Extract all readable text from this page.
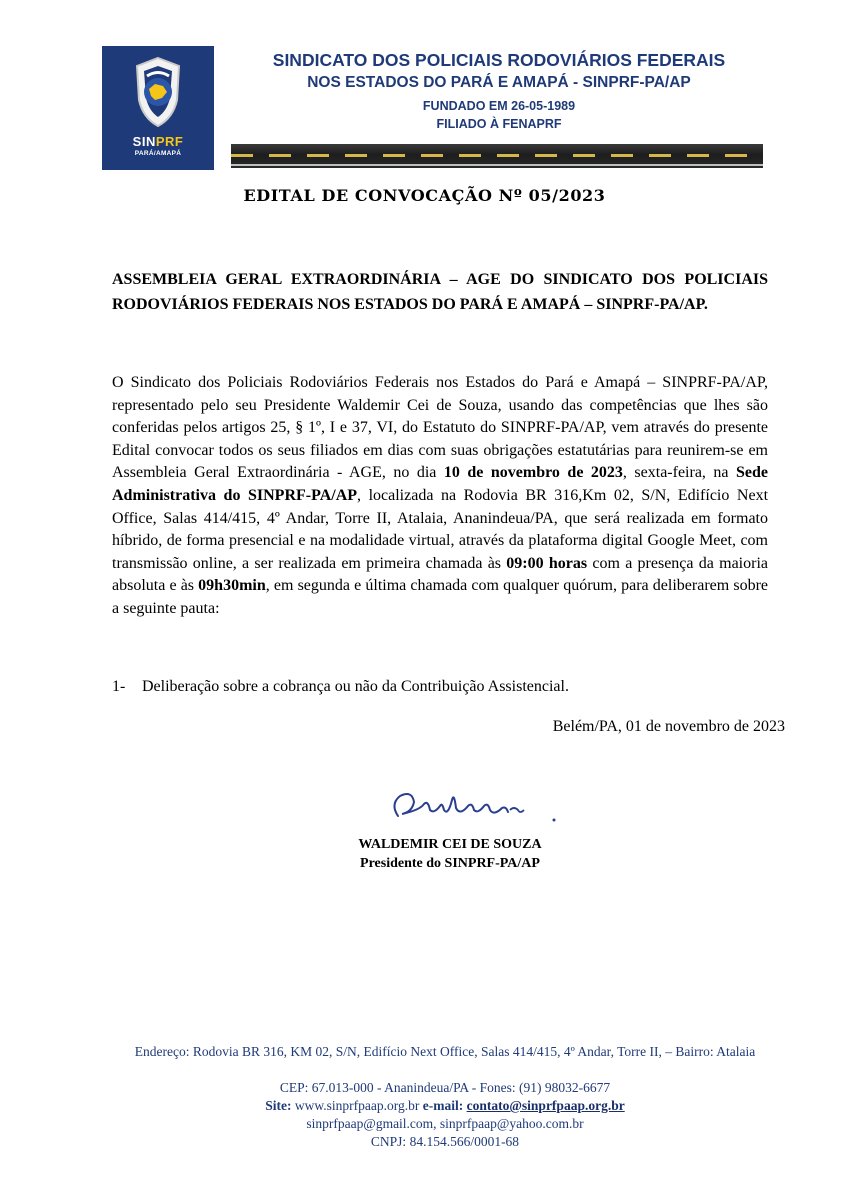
SINPRF
PARÁ/AMAPÁ
SINDICATO DOS POLICIAIS RODOVIÁRIOS FEDERAIS
NOS ESTADOS DO PARÁ E AMAPÁ - SINPRF-PA/AP
FUNDADO EM 26-05-1989
FILIADO À FENAPRF
EDITAL DE CONVOCAÇÃO Nº 05/2023

ASSEMBLEIA GERAL EXTRAORDINÁRIA – AGE DO SINDICATO DOS POLICIAIS RODOVIÁRIOS FEDERAIS NOS ESTADOS DO PARÁ E AMAPÁ – SINPRF-PA/AP.

O Sindicato dos Policiais Rodoviários Federais nos Estados do Pará e Amapá – SINPRF-PA/AP, representado pelo seu Presidente Waldemir Cei de Souza, usando das competências que lhes são conferidas pelos artigos 25, § 1º, I e 37, VI, do Estatuto do SINPRF-PA/AP, vem através do presente Edital convocar todos os seus filiados em dias com suas obrigações estatutárias para reunirem-se em Assembleia Geral Extraordinária - AGE, no dia 10 de novembro de 2023, sexta-feira, na Sede Administrativa do SINPRF-PA/AP, localizada na Rodovia BR 316,Km 02, S/N, Edifício Next Office, Salas 414/415, 4º Andar, Torre II, Atalaia, Ananindeua/PA, que será realizada em formato híbrido, de forma presencial e na modalidade virtual, através da plataforma digital Google Meet, com transmissão online, a ser realizada em primeira chamada às 09:00 horas com a presença da maioria absoluta e às 09h30min, em segunda e última chamada com qualquer quórum, para deliberarem sobre a seguinte pauta:

1- Deliberação sobre a cobrança ou não da Contribuição Assistencial.
Belém/PA, 01 de novembro de 2023
WALDEMIR CEI DE SOUZA
Presidente do SINPRF-PA/AP
Endereço: Rodovia BR 316, KM 02, S/N, Edifício Next Office, Salas 414/415, 4º Andar, Torre II, – Bairro: Atalaia
CEP: 67.013-000 - Ananindeua/PA - Fones: (91) 98032-6677
Site: www.sinprfpaap.org.br e-mail: contato@sinprfpaap.org.br
sinprfpaap@gmail.com, sinprfpaap@yahoo.com.br
CNPJ: 84.154.566/0001-68
